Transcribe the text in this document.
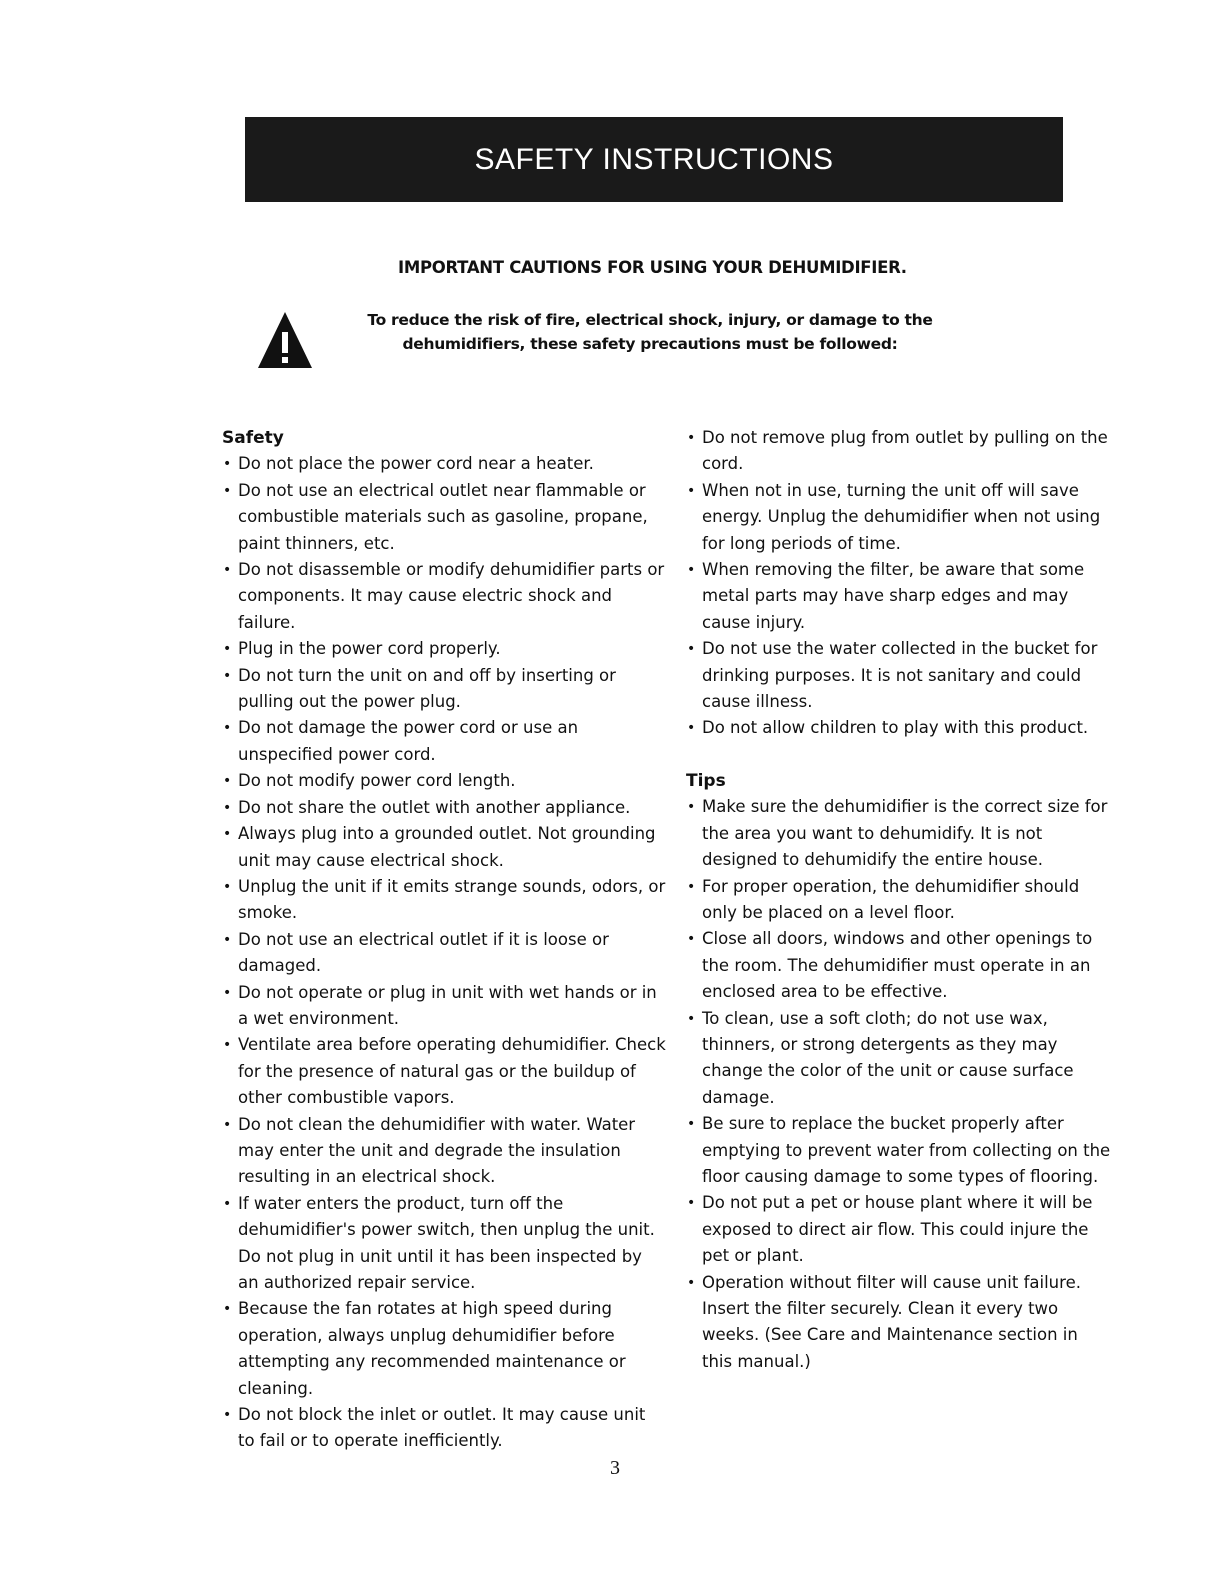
SAFETY INSTRUCTIONS
IMPORTANT CAUTIONS FOR USING YOUR DEHUMIDIFIER.
To reduce the risk of fire, electrical shock, injury, or damage to the
dehumidifiers, these safety precautions must be followed:
Safety
• Do not place the power cord near a heater.
• Do not use an electrical outlet near flammable or combustible materials such as gasoline, propane, paint thinners, etc.
• Do not disassemble or modify dehumidifier parts or components. It may cause electric shock and failure.
• Plug in the power cord properly.
• Do not turn the unit on and off by inserting or pulling out the power plug.
• Do not damage the power cord or use an unspecified power cord.
• Do not modify power cord length.
• Do not share the outlet with another appliance.
• Always plug into a grounded outlet. Not grounding unit may cause electrical shock.
• Unplug the unit if it emits strange sounds, odors, or smoke.
• Do not use an electrical outlet if it is loose or damaged.
• Do not operate or plug in unit with wet hands or in a wet environment.
• Ventilate area before operating dehumidifier. Check for the presence of natural gas or the buildup of other combustible vapors.
• Do not clean the dehumidifier with water. Water may enter the unit and degrade the insulation resulting in an electrical shock.
• If water enters the product, turn off the dehumidifier's power switch, then unplug the unit. Do not plug in unit until it has been inspected by an authorized repair service.
• Because the fan rotates at high speed during operation, always unplug dehumidifier before attempting any recommended maintenance or cleaning.
• Do not block the inlet or outlet. It may cause unit to fail or to operate inefficiently.
• Do not remove plug from outlet by pulling on the cord.
• When not in use, turning the unit off will save energy. Unplug the dehumidifier when not using for long periods of time.
• When removing the filter, be aware that some metal parts may have sharp edges and may cause injury.
• Do not use the water collected in the bucket for drinking purposes. It is not sanitary and could cause illness.
• Do not allow children to play with this product.
Tips
• Make sure the dehumidifier is the correct size for the area you want to dehumidify. It is not designed to dehumidify the entire house.
• For proper operation, the dehumidifier should only be placed on a level floor.
• Close all doors, windows and other openings to the room. The dehumidifier must operate in an enclosed area to be effective.
• To clean, use a soft cloth; do not use wax, thinners, or strong detergents as they may change the color of the unit or cause surface damage.
• Be sure to replace the bucket properly after emptying to prevent water from collecting on the floor causing damage to some types of flooring.
• Do not put a pet or house plant where it will be exposed to direct air flow. This could injure the pet or plant.
• Operation without filter will cause unit failure. Insert the filter securely. Clean it every two weeks. (See Care and Maintenance section in this manual.)
3
